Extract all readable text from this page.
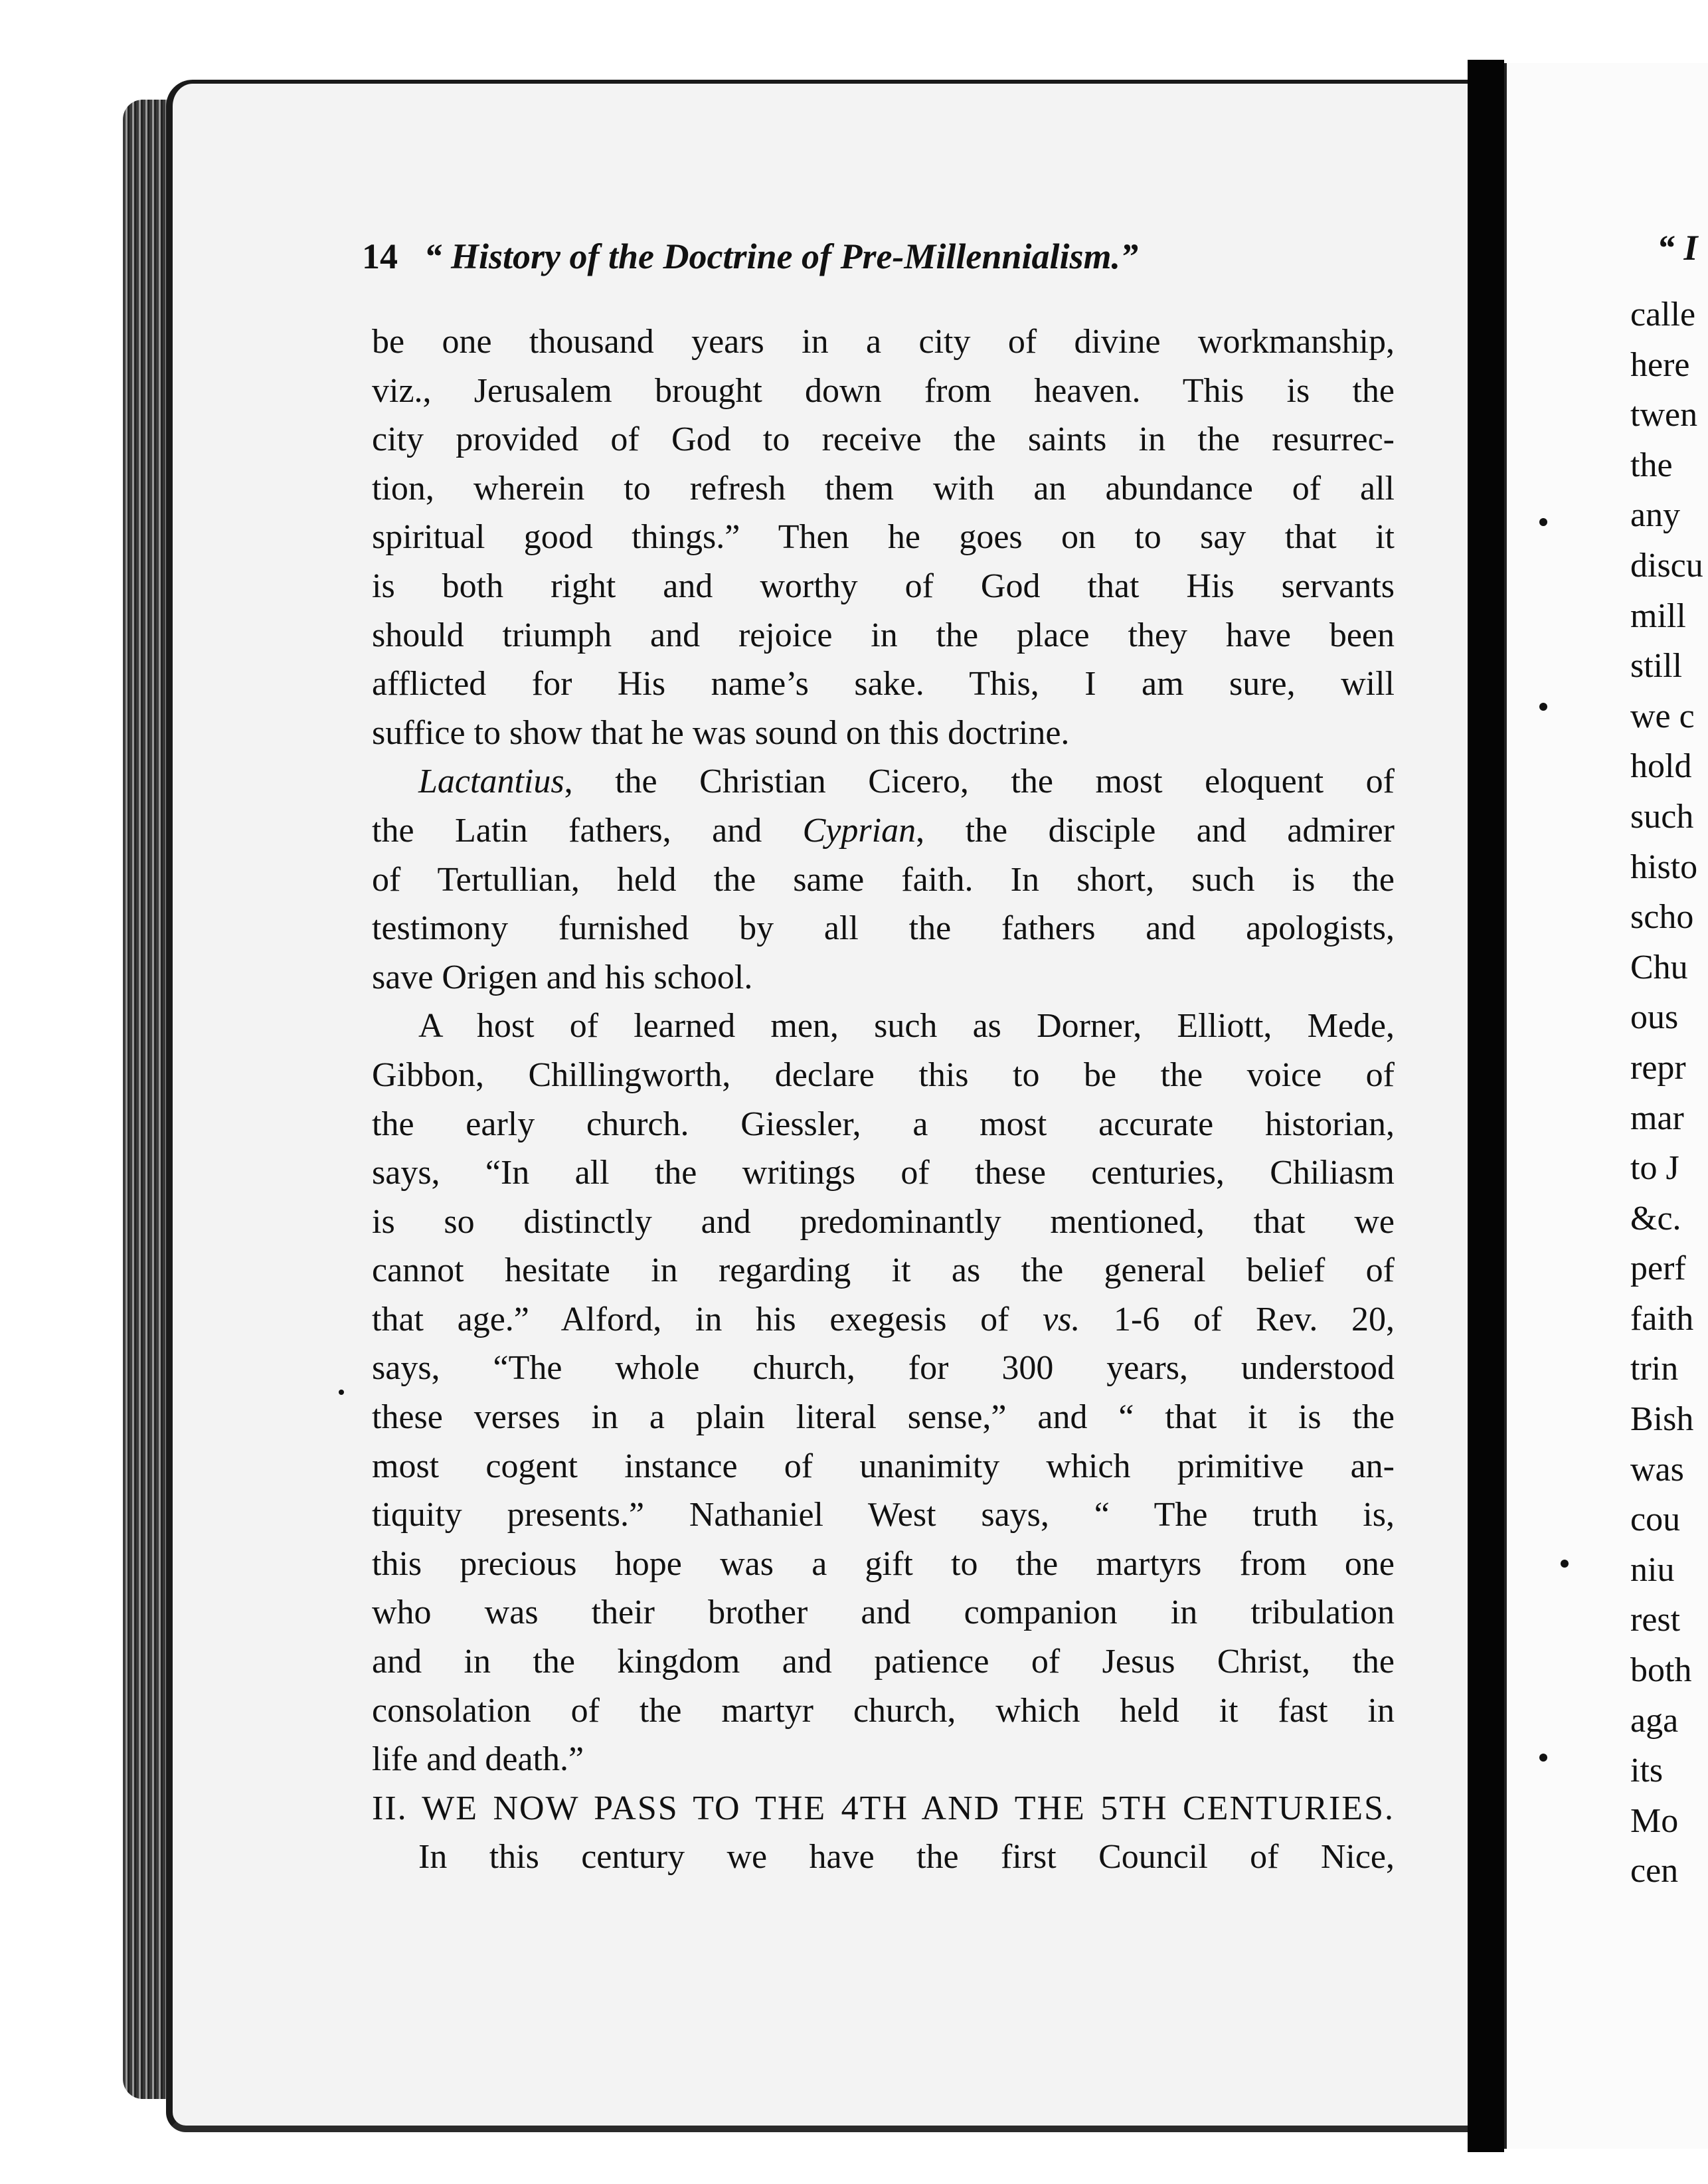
14 “ History of the Doctrine of Pre-Millennialism.”
be one thousand years in a city of divine workmanship,
viz., Jerusalem brought down from heaven. This is the
city provided of God to receive the saints in the resurrec-
tion, wherein to refresh them with an abundance of all
spiritual good things.” Then he goes on to say that it
is both right and worthy of God that His servants
should triumph and rejoice in the place they have been
afflicted for His name’s sake. This, I am sure, will
suffice to show that he was sound on this doctrine.
Lactantius, the Christian Cicero, the most eloquent of
the Latin fathers, and Cyprian, the disciple and admirer
of Tertullian, held the same faith. In short, such is the
testimony furnished by all the fathers and apologists,
save Origen and his school.
A host of learned men, such as Dorner, Elliott, Mede,
Gibbon, Chillingworth, declare this to be the voice of
the early church. Giessler, a most accurate historian,
says, “In all the writings of these centuries, Chiliasm
is so distinctly and predominantly mentioned, that we
cannot hesitate in regarding it as the general belief of
that age.” Alford, in his exegesis of vs. 1-6 of Rev. 20,
says, “The whole church, for 300 years, understood
these verses in a plain literal sense,” and “ that it is the
most cogent instance of unanimity which primitive an-
tiquity presents.” Nathaniel West says, “ The truth is,
this precious hope was a gift to the martyrs from one
who was their brother and companion in tribulation
and in the kingdom and patience of Jesus Christ, the
consolation of the martyr church, which held it fast in
life and death.”
II. WE NOW PASS TO THE 4TH AND THE 5TH CENTURIES.
In this century we have the first Council of Nice,
“ I
calle
here
twen
the
any
discu
mill
still
we c
hold
such
histo
scho
Chu
ous
repr
mar
to J
&c.
perf
faith
trin
Bish
was
cou
niu
rest
both
aga
its
Mo
cen
